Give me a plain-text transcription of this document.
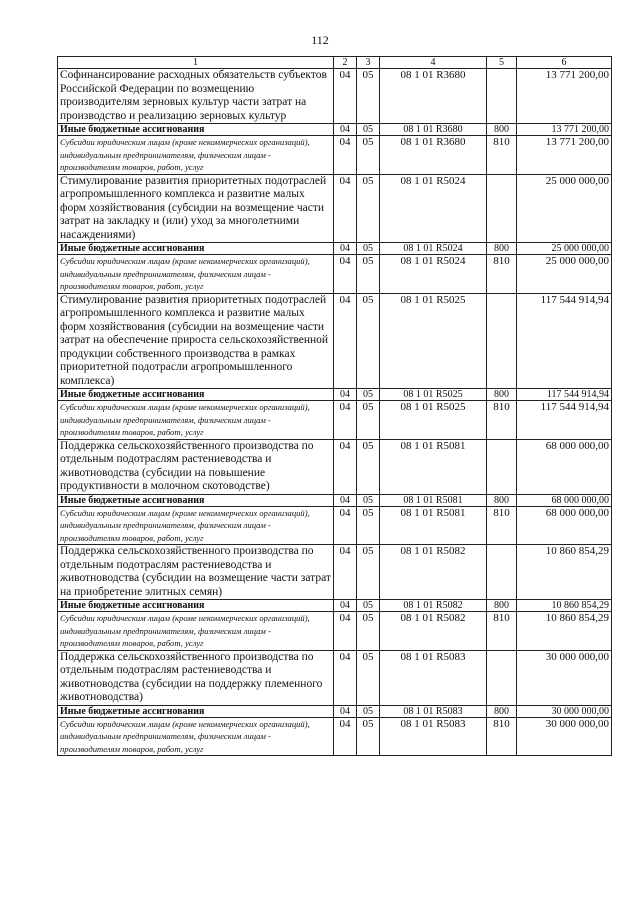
112
1	2	3	4	5	6
Софинансирование расходных обязательств субъектов Российской Федерации по возмещению производителям зерновых культур части затрат на производство и реализацию зерновых культур	04	05	08 1 01 R3680		13 771 200,00
Иные бюджетные ассигнования	04	05	08 1 01 R3680	800	13 771 200,00
Субсидии юридическим лицам (кроме некоммерческих организаций), индивидуальным предпринимателям, физическим лицам - производителям товаров, работ, услуг	04	05	08 1 01 R3680	810	13 771 200,00
Стимулирование развития приоритетных подотраслей агропромышленного комплекса и развитие малых форм хозяйствования (субсидии на возмещение части затрат на закладку и (или) уход за многолетними насаждениями)	04	05	08 1 01 R5024		25 000 000,00
Иные бюджетные ассигнования	04	05	08 1 01 R5024	800	25 000 000,00
Субсидии юридическим лицам (кроме некоммерческих организаций), индивидуальным предпринимателям, физическим лицам - производителям товаров, работ, услуг	04	05	08 1 01 R5024	810	25 000 000,00
Стимулирование развития приоритетных подотраслей агропромышленного комплекса и развитие малых форм хозяйствования (субсидии на возмещение части затрат на обеспечение прироста сельскохозяйственной продукции собственного производства в рамках приоритетной подотрасли агропромышленного комплекса)	04	05	08 1 01 R5025		117 544 914,94
Иные бюджетные ассигнования	04	05	08 1 01 R5025	800	117 544 914,94
Субсидии юридическим лицам (кроме некоммерческих организаций), индивидуальным предпринимателям, физическим лицам - производителям товаров, работ, услуг	04	05	08 1 01 R5025	810	117 544 914,94
Поддержка сельскохозяйственного производства по отдельным подотраслям растениеводства и животноводства (субсидии на повышение продуктивности в молочном скотоводстве)	04	05	08 1 01 R5081		68 000 000,00
Иные бюджетные ассигнования	04	05	08 1 01 R5081	800	68 000 000,00
Субсидии юридическим лицам (кроме некоммерческих организаций), индивидуальным предпринимателям, физическим лицам - производителям товаров, работ, услуг	04	05	08 1 01 R5081	810	68 000 000,00
Поддержка сельскохозяйственного производства по отдельным подотраслям растениеводства и животноводства (субсидии на возмещение части затрат на приобретение элитных семян)	04	05	08 1 01 R5082		10 860 854,29
Иные бюджетные ассигнования	04	05	08 1 01 R5082	800	10 860 854,29
Субсидии юридическим лицам (кроме некоммерческих организаций), индивидуальным предпринимателям, физическим лицам - производителям товаров, работ, услуг	04	05	08 1 01 R5082	810	10 860 854,29
Поддержка сельскохозяйственного производства по отдельным подотраслям растениеводства и животноводства (субсидии на поддержку племенного животноводства)	04	05	08 1 01 R5083		30 000 000,00
Иные бюджетные ассигнования	04	05	08 1 01 R5083	800	30 000 000,00
Субсидии юридическим лицам (кроме некоммерческих организаций), индивидуальным предпринимателям, физическим лицам - производителям товаров, работ, услуг	04	05	08 1 01 R5083	810	30 000 000,00
